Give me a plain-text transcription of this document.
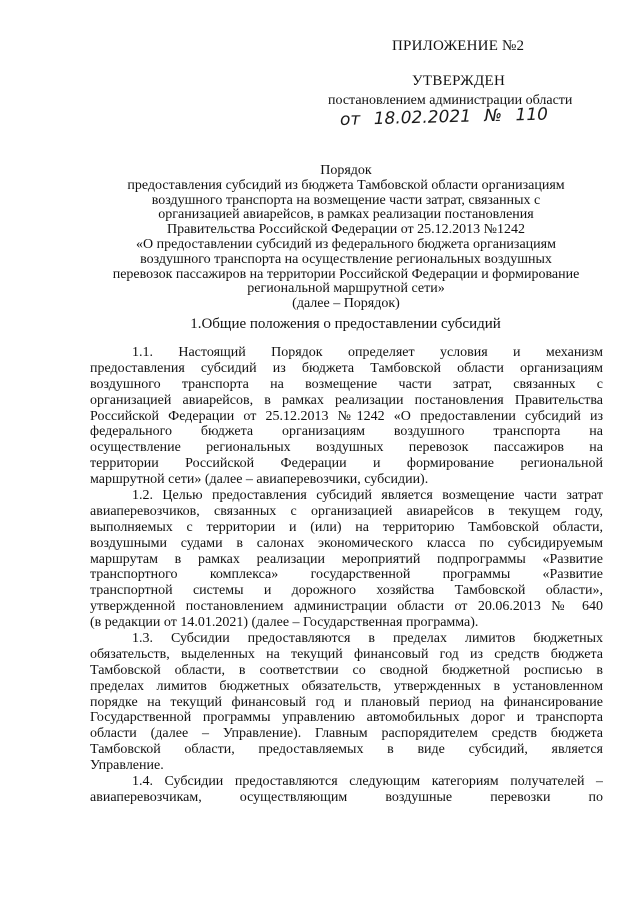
ПРИЛОЖЕНИЕ №2
УТВЕРЖДЕН
постановлением администрации области
от 18.02.2021 № 110
Порядок
предоставления субсидий из бюджета Тамбовской области организациям
воздушного транспорта на возмещение части затрат, связанных с
организацией авиарейсов, в рамках реализации постановления
Правительства Российской Федерации от 25.12.2013 №1242
«О предоставлении субсидий из федерального бюджета организациям
воздушного транспорта на осуществление региональных воздушных
перевозок пассажиров на территории Российской Федерации и формирование
региональной маршрутной сети»
(далее – Порядок)
1.Общие положения о предоставлении субсидий
1.1. Настоящий Порядок определяет условия и механизм
предоставления субсидий из бюджета Тамбовской области организациям
воздушного транспорта на возмещение части затрат, связанных с
организацией авиарейсов, в рамках реализации постановления Правительства
Российской Федерации от 25.12.2013 №1242 «О предоставлении субсидий из
федерального бюджета организациям воздушного транспорта на
осуществление региональных воздушных перевозок пассажиров на
территории Российской Федерации и формирование региональной
маршрутной сети» (далее – авиаперевозчики, субсидии).
1.2. Целью предоставления субсидий является возмещение части затрат
авиаперевозчиков, связанных с организацией авиарейсов в текущем году,
выполняемых с территории и (или) на территорию Тамбовской области,
воздушными судами в салонах экономического класса по субсидируемым
маршрутам в рамках реализации мероприятий подпрограммы «Развитие
транспортного комплекса» государственной программы «Развитие
транспортной системы и дорожного хозяйства Тамбовской области»,
утвержденной постановлением администрации области от 20.06.2013 № 640
(в редакции от 14.01.2021) (далее – Государственная программа).
1.3. Субсидии предоставляются в пределах лимитов бюджетных
обязательств, выделенных на текущий финансовый год из средств бюджета
Тамбовской области, в соответствии со сводной бюджетной росписью в
пределах лимитов бюджетных обязательств, утвержденных в установленном
порядке на текущий финансовый год и плановый период на финансирование
Государственной программы управлению автомобильных дорог и транспорта
области (далее – Управление). Главным распорядителем средств бюджета
Тамбовской области, предоставляемых в виде субсидий, является
Управление.
1.4. Субсидии предоставляются следующим категориям получателей –
авиаперевозчикам, осуществляющим воздушные перевозки по
